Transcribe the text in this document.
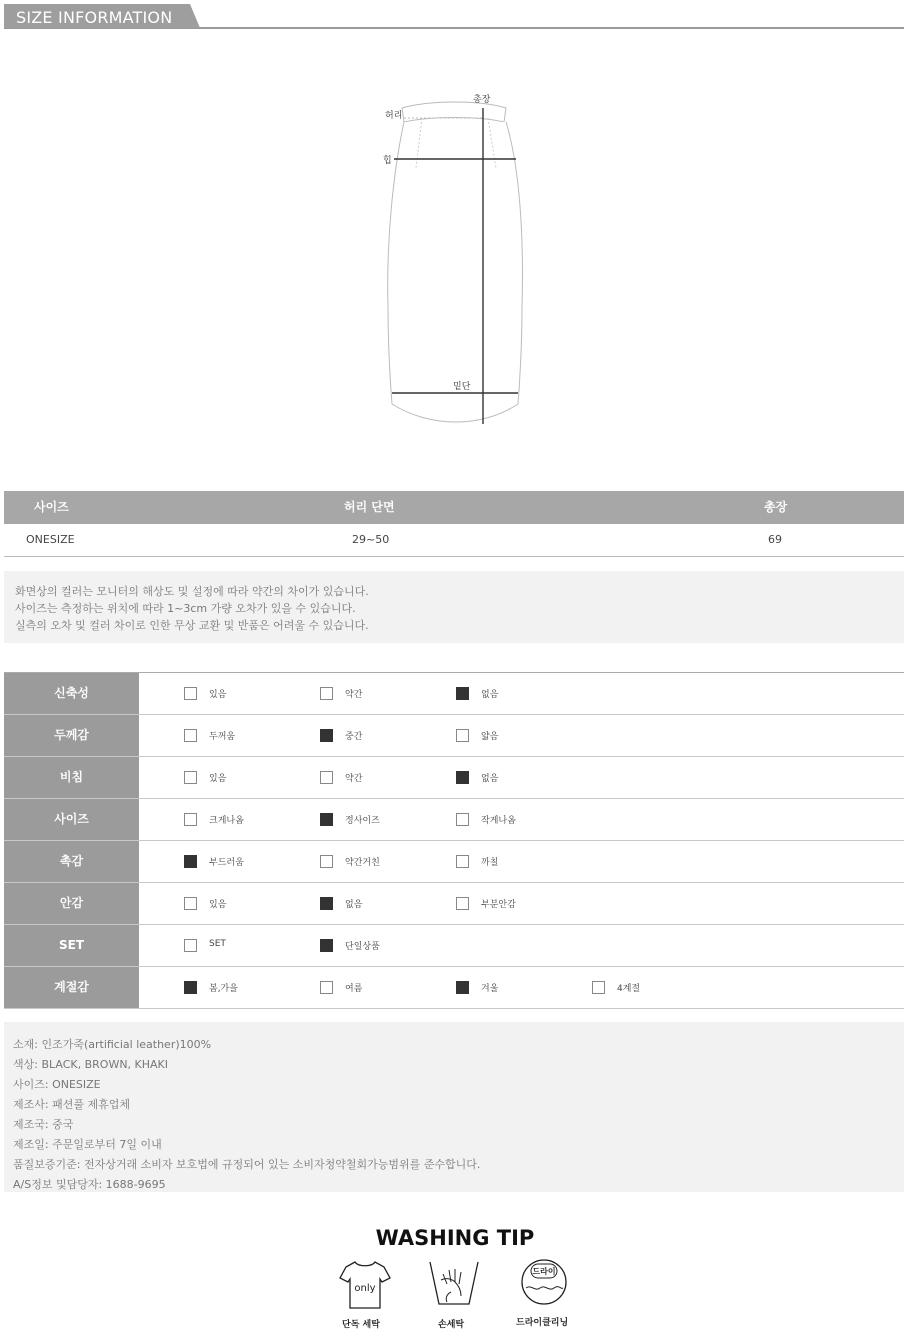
SIZE INFORMATION
총장
허리
힙
밑단
사이즈	허리 단면	총장
ONESIZE	29~50	69
화면상의 컬러는 모니터의 해상도 및 설정에 따라 약간의 차이가 있습니다.
사이즈는 측정하는 위치에 따라 1~3cm 가량 오차가 있을 수 있습니다.
실측의 오차 및 컬러 차이로 인한 무상 교환 및 반품은 어려울 수 있습니다.
신축성	있음	약간	없음
두께감	두꺼움	중간	얇음
비침	있음	약간	없음
사이즈	크게나옴	정사이즈	작게나옴
촉감	부드러움	약간거친	까칠
안감	있음	없음	부분안감
SET	SET	단일상품
계절감	봄,가을	여름	겨울	4계절
소재: 인조가죽(artificial leather)100%
색상: BLACK, BROWN, KHAKI
사이즈: ONESIZE
제조사: 패션풀 제휴업체
제조국: 중국
제조일: 주문일로부터 7일 이내
품질보증기준: 전자상거래 소비자 보호법에 규정되어 있는 소비자청약철회가능범위를 준수합니다.
A/S정보 및담당자: 1688-9695
WASHING TIP
only
단독 세탁	손세탁
드라이
드라이클리닝
